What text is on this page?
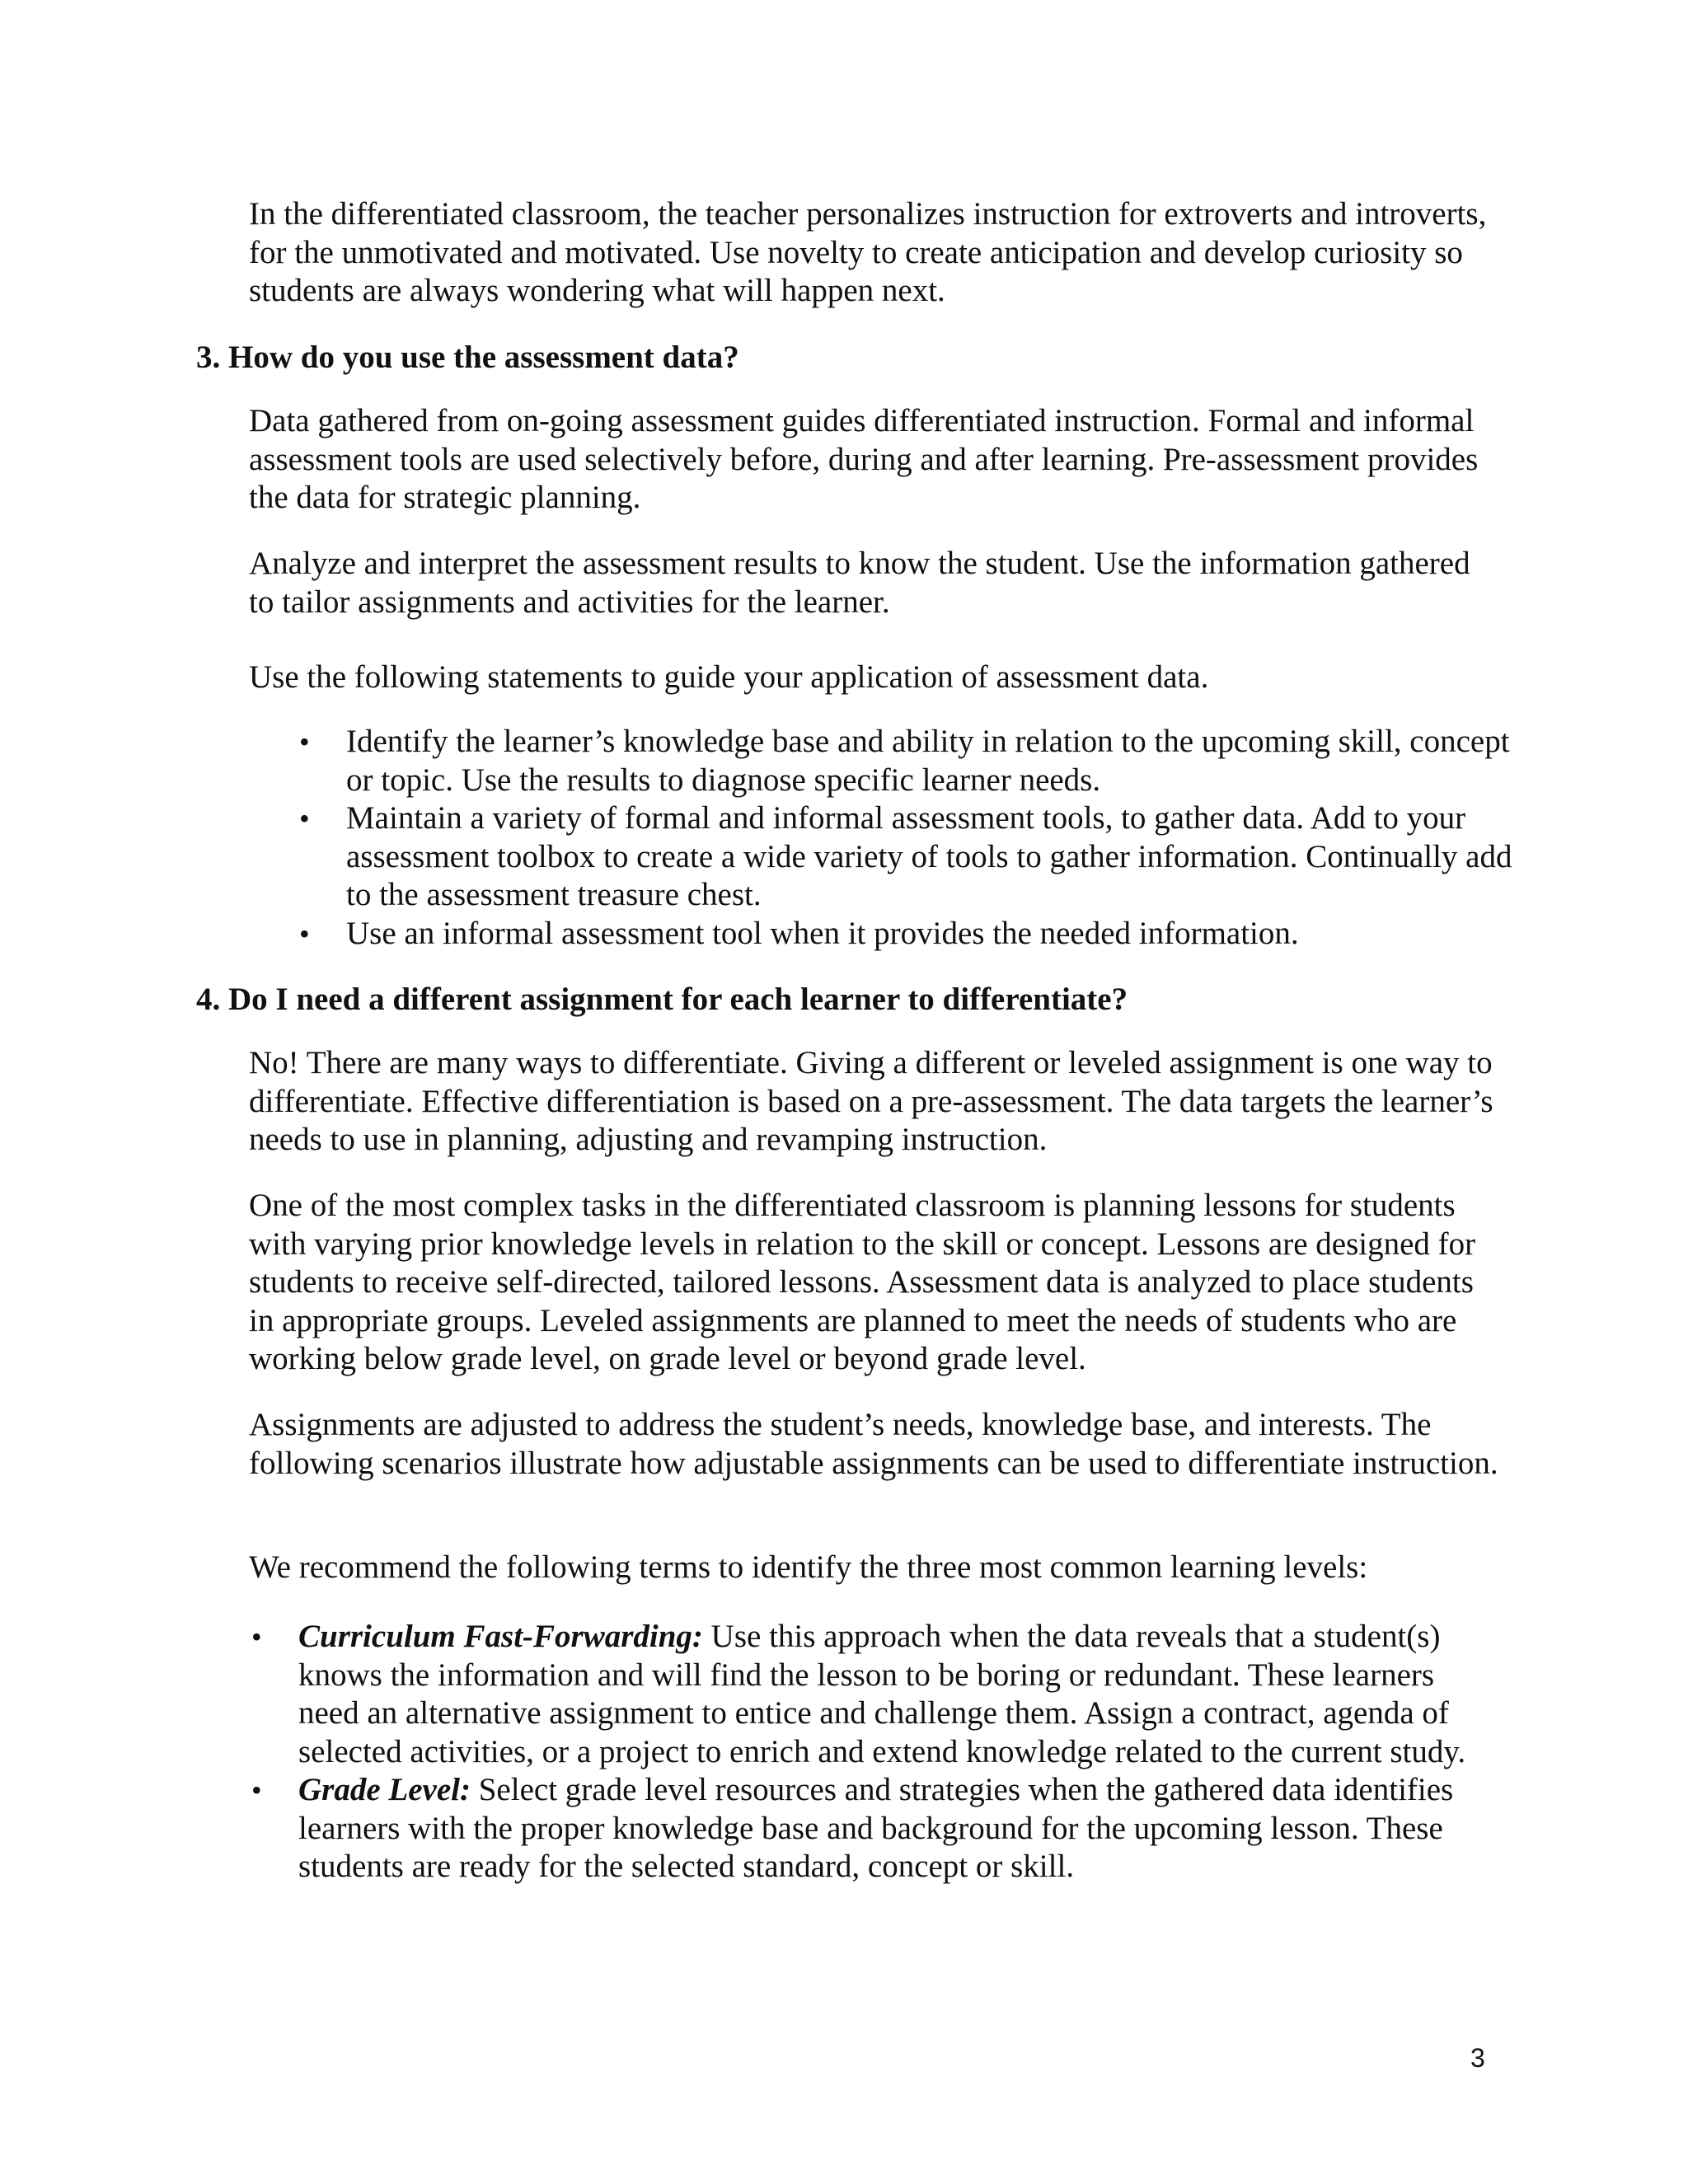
In the differentiated classroom, the teacher personalizes instruction for extroverts and introverts, for the unmotivated and motivated. Use novelty to create anticipation and develop curiosity so students are always wondering what will happen next.

3. How do you use the assessment data?

Data gathered from on-going assessment guides differentiated instruction. Formal and informal assessment tools are used selectively before, during and after learning. Pre-assessment provides the data for strategic planning.

Analyze and interpret the assessment results to know the student. Use the information gathered to tailor assignments and activities for the learner.

Use the following statements to guide your application of assessment data.

• Identify the learner’s knowledge base and ability in relation to the upcoming skill, concept or topic. Use the results to diagnose specific learner needs.
• Maintain a variety of formal and informal assessment tools, to gather data. Add to your assessment toolbox to create a wide variety of tools to gather information. Continually add to the assessment treasure chest.
• Use an informal assessment tool when it provides the needed information.

4. Do I need a different assignment for each learner to differentiate?

No! There are many ways to differentiate. Giving a different or leveled assignment is one way to differentiate. Effective differentiation is based on a pre-assessment. The data targets the learner’s needs to use in planning, adjusting and revamping instruction.

One of the most complex tasks in the differentiated classroom is planning lessons for students with varying prior knowledge levels in relation to the skill or concept. Lessons are designed for students to receive self-directed, tailored lessons. Assessment data is analyzed to place students in appropriate groups. Leveled assignments are planned to meet the needs of students who are working below grade level, on grade level or beyond grade level.

Assignments are adjusted to address the student’s needs, knowledge base, and interests. The following scenarios illustrate how adjustable assignments can be used to differentiate instruction.

We recommend the following terms to identify the three most common learning levels:

• Curriculum Fast-Forwarding: Use this approach when the data reveals that a student(s) knows the information and will find the lesson to be boring or redundant. These learners need an alternative assignment to entice and challenge them. Assign a contract, agenda of selected activities, or a project to enrich and extend knowledge related to the current study.
• Grade Level: Select grade level resources and strategies when the gathered data identifies learners with the proper knowledge base and background for the upcoming lesson. These students are ready for the selected standard, concept or skill.
3
